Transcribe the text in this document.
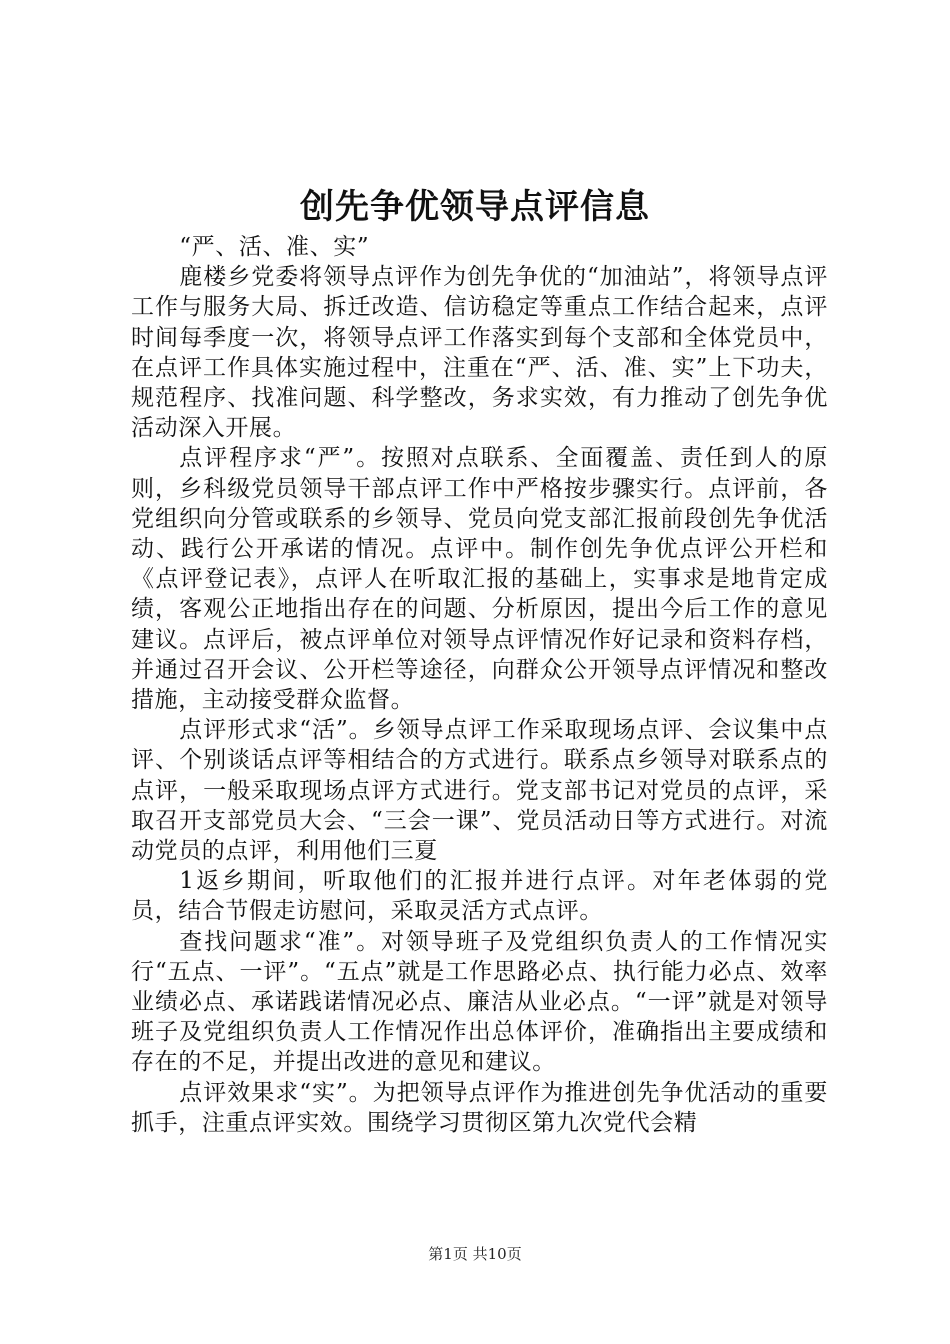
创先争优领导点评信息

“严、活、准、实”

鹿楼乡党委将领导点评作为创先争优的“加油站”，将领导点评工作与服务大局、拆迁改造、信访稳定等重点工作结合起来，点评时间每季度一次，将领导点评工作落实到每个支部和全体党员中，在点评工作具体实施过程中，注重在“严、活、准、实”上下功夫，规范程序、找准问题、科学整改，务求实效，有力推动了创先争优活动深入开展。

点评程序求“严”。按照对点联系、全面覆盖、责任到人的原则，乡科级党员领导干部点评工作中严格按步骤实行。点评前，各党组织向分管或联系的乡领导、党员向党支部汇报前段创先争优活动、践行公开承诺的情况。点评中。制作创先争优点评公开栏和《点评登记表》，点评人在听取汇报的基础上，实事求是地肯定成绩，客观公正地指出存在的问题、分析原因，提出今后工作的意见建议。点评后，被点评单位对领导点评情况作好记录和资料存档，并通过召开会议、公开栏等途径，向群众公开领导点评情况和整改措施，主动接受群众监督。

点评形式求“活”。乡领导点评工作采取现场点评、会议集中点评、个别谈话点评等相结合的方式进行。联系点乡领导对联系点的点评，一般采取现场点评方式进行。党支部书记对党员的点评，采取召开支部党员大会、“三会一课”、党员活动日等方式进行。对流动党员的点评，利用他们三夏

1返乡期间，听取他们的汇报并进行点评。对年老体弱的党员，结合节假走访慰问，采取灵活方式点评。

查找问题求“准”。对领导班子及党组织负责人的工作情况实行“五点、一评”。“五点”就是工作思路必点、执行能力必点、效率业绩必点、承诺践诺情况必点、廉洁从业必点。“一评”就是对领导班子及党组织负责人工作情况作出总体评价，准确指出主要成绩和存在的不足，并提出改进的意见和建议。

点评效果求“实”。为把领导点评作为推进创先争优活动的重要抓手，注重点评实效。围绕学习贯彻区第九次党代会精

第1页 共10页
